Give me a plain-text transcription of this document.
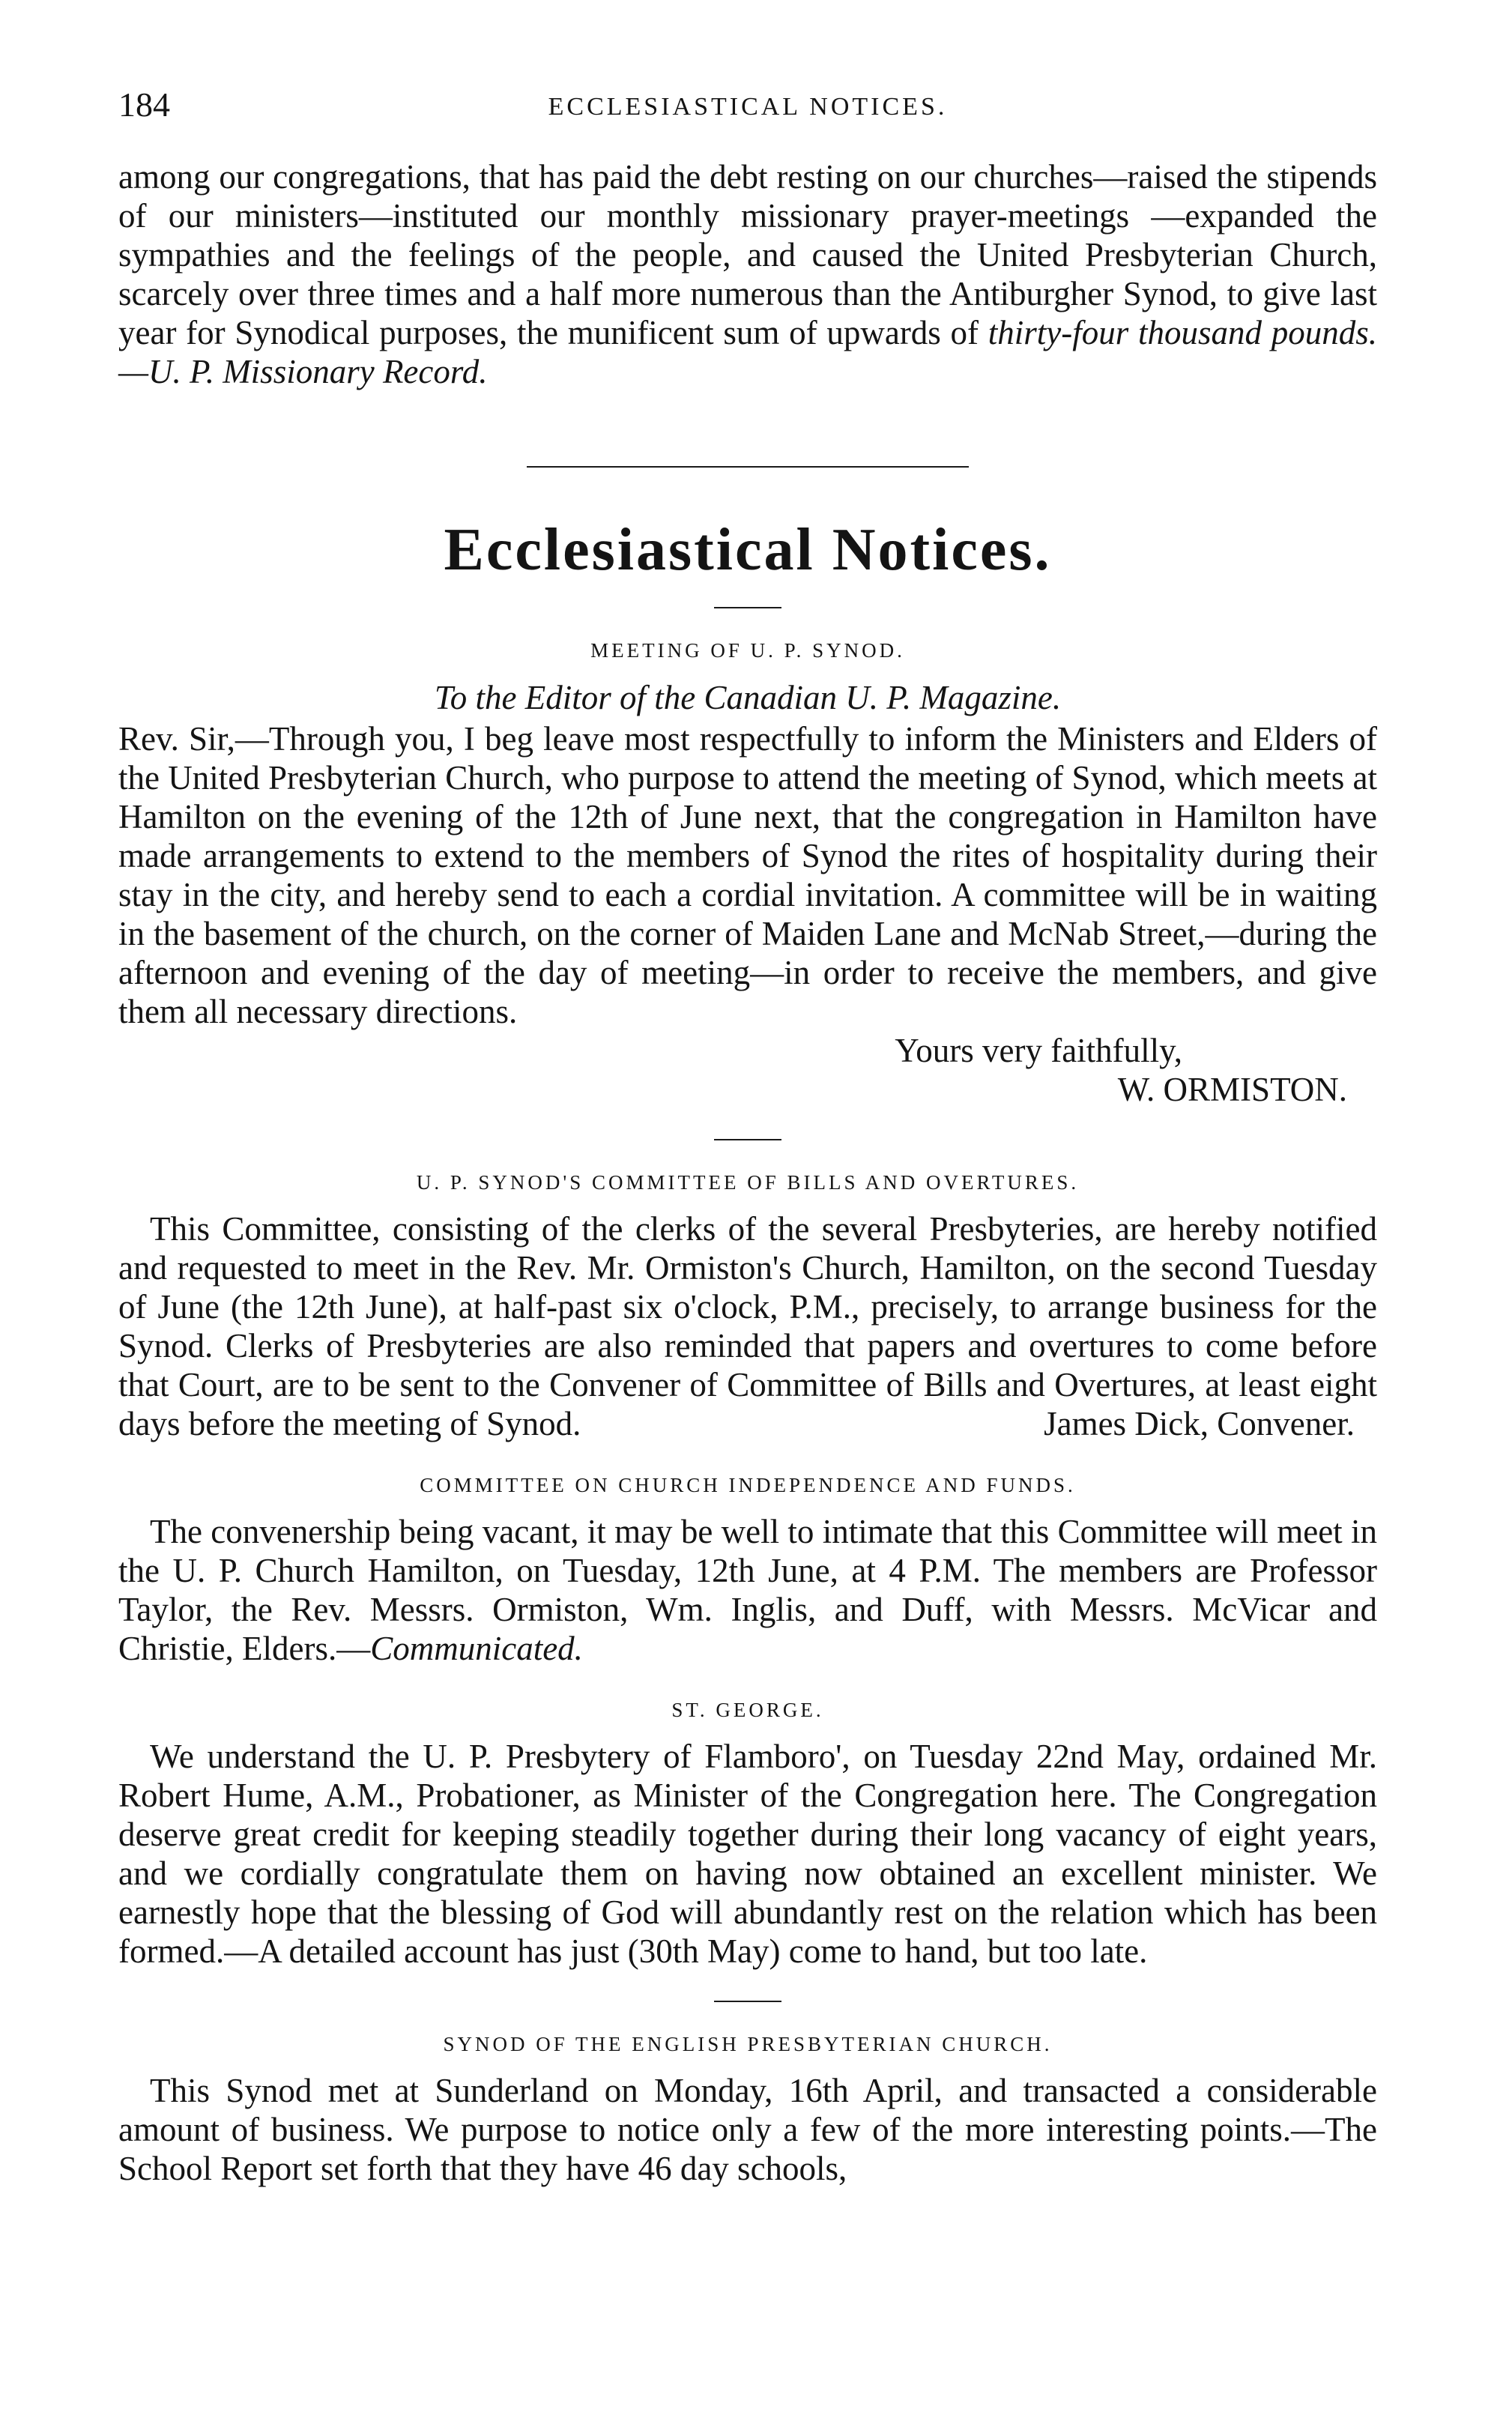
184	ECCLESIASTICAL NOTICES.

among our congregations, that has paid the debt resting on our churches—raised the stipends of our ministers—instituted our monthly missionary prayer-meetings —expanded the sympathies and the feelings of the people, and caused the United Presbyterian Church, scarcely over three times and a half more numerous than the Antiburgher Synod, to give last year for Synodical purposes, the munificent sum of upwards of thirty-four thousand pounds.—U. P. Missionary Record.

Ecclesiastical Notices.
MEETING OF U. P. SYNOD.
To the Editor of the Canadian U. P. Magazine.

Rev. Sir,—Through you, I beg leave most respectfully to inform the Ministers and Elders of the United Presbyterian Church, who purpose to attend the meeting of Synod, which meets at Hamilton on the evening of the 12th of June next, that the congregation in Hamilton have made arrangements to extend to the members of Synod the rites of hospitality during their stay in the city, and hereby send to each a cordial invitation. A committee will be in waiting in the basement of the church, on the corner of Maiden Lane and McNab Street,—during the afternoon and evening of the day of meeting—in order to receive the members, and give them all necessary directions.

Yours very faithfully,
W. ORMISTON.
U. P. SYNOD'S COMMITTEE OF BILLS AND OVERTURES.

This Committee, consisting of the clerks of the several Presbyteries, are hereby notified and requested to meet in the Rev. Mr. Ormiston's Church, Hamilton, on the second Tuesday of June (the 12th June), at half-past six o'clock, P.M., precisely, to arrange business for the Synod. Clerks of Presbyteries are also reminded that papers and overtures to come before that Court, are to be sent to the Convener of Committee of Bills and Overtures, at least eight days before the meeting of Synod.	James Dick, Convener.
COMMITTEE ON CHURCH INDEPENDENCE AND FUNDS.

The convenership being vacant, it may be well to intimate that this Committee will meet in the U. P. Church Hamilton, on Tuesday, 12th June, at 4 P.M. The members are Professor Taylor, the Rev. Messrs. Ormiston, Wm. Inglis, and Duff, with Messrs. McVicar and Christie, Elders.—Communicated.

ST. GEORGE.

We understand the U. P. Presbytery of Flamboro', on Tuesday 22nd May, ordained Mr. Robert Hume, A.M., Probationer, as Minister of the Congregation here. The Congregation deserve great credit for keeping steadily together during their long vacancy of eight years, and we cordially congratulate them on having now obtained an excellent minister. We earnestly hope that the blessing of God will abundantly rest on the relation which has been formed.—A detailed account has just (30th May) come to hand, but too late.

SYNOD OF THE ENGLISH PRESBYTERIAN CHURCH.

This Synod met at Sunderland on Monday, 16th April, and transacted a considerable amount of business. We purpose to notice only a few of the more interesting points.—The School Report set forth that they have 46 day schools,
